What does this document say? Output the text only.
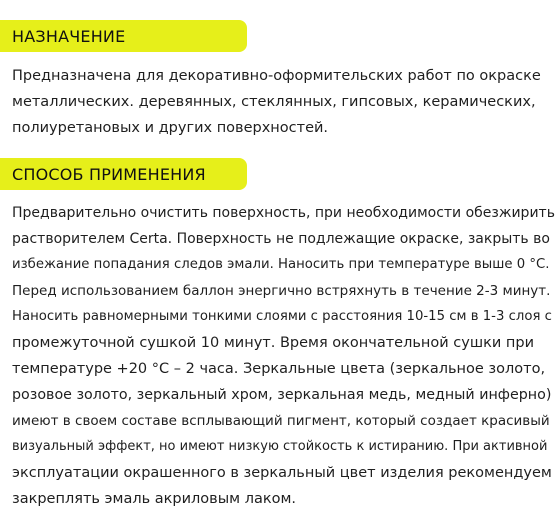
НАЗНАЧЕНИЕ
Предназначена для декоративно-оформительских работ по окраске
металлических. деревянных, стеклянных, гипсовых, керамических,
полиуретановых и других поверхностей.
СПОСОБ ПРИМЕНЕНИЯ
Предварительно очистить поверхность, при необходимости обезжирить
растворителем Certa. Поверхность не подлежащие окраске, закрыть во
избежание попадания следов эмали. Наносить при температуре выше 0 °C.
Перед использованием баллон энергично встряхнуть в течение 2-3 минут.
Наносить равномерными тонкими слоями с расстояния 10-15 см в 1-3 слоя с
промежуточной сушкой 10 минут. Время окончательной сушки при
температуре +20 °C – 2 часа. Зеркальные цвета (зеркальное золото,
розовое золото, зеркальный хром, зеркальная медь, медный инферно)
имеют в своем составе всплывающий пигмент, который создает красивый
визуальный эффект, но имеют низкую стойкость к истиранию. При активной
эксплуатации окрашенного в зеркальный цвет изделия рекомендуем
закреплять эмаль акриловым лаком.
